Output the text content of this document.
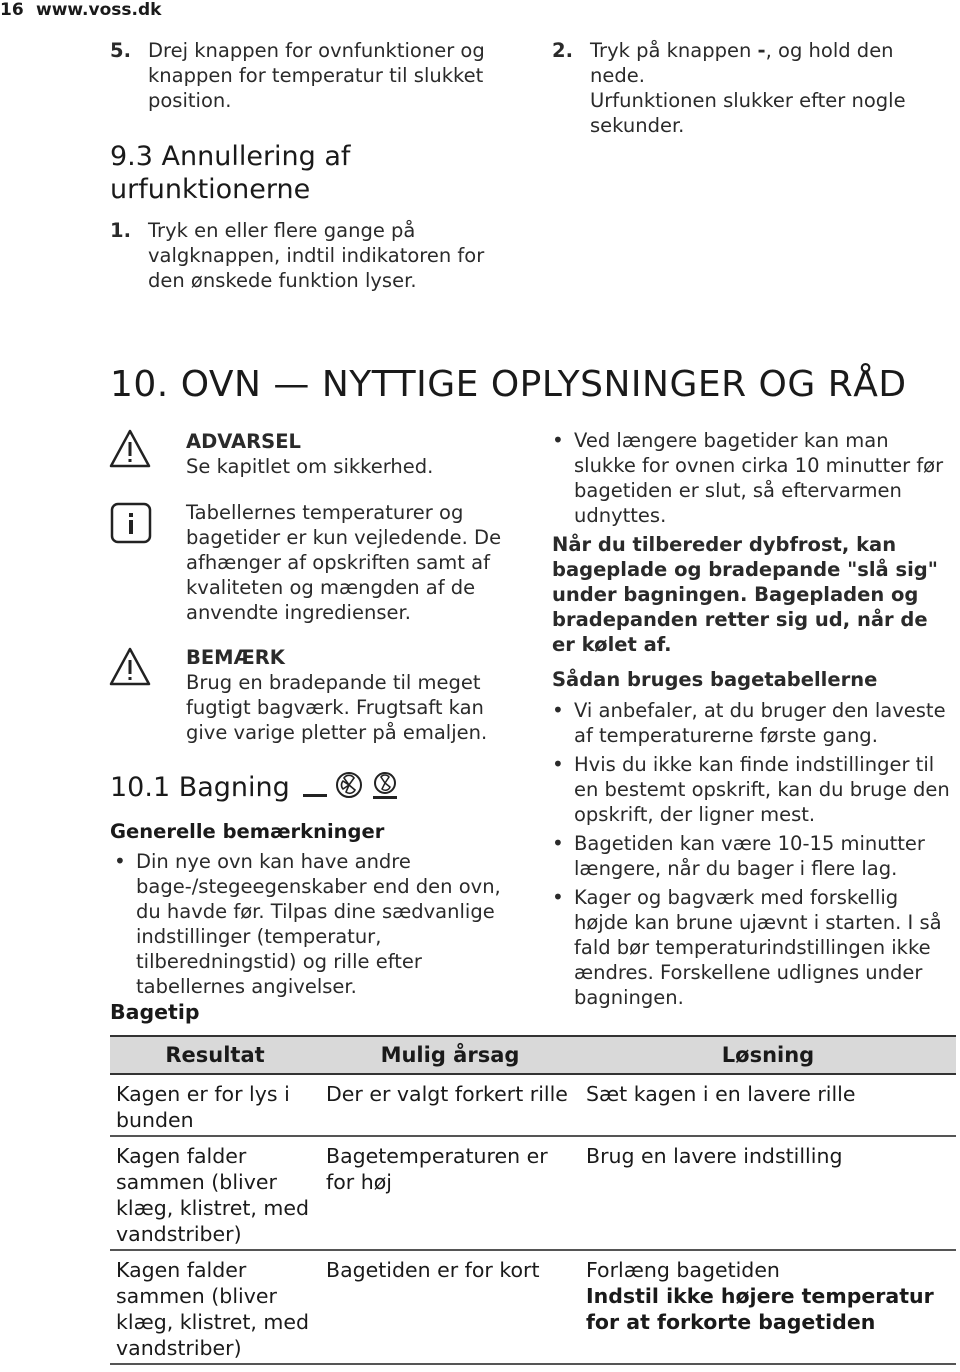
16 www.voss.dk
5. Drej knappen for ovnfunktioner og knappen for temperatur til slukket position.
9.3 Annullering af urfunktionerne
1. Tryk en eller flere gange på valgknappen, indtil indikatoren for den ønskede funktion lyser.
2. Tryk på knappen -, og hold den nede.
Urfunktionen slukker efter nogle sekunder.
10. OVN — NYTTIGE OPLYSNINGER OG RÅD
ADVARSEL
Se kapitlet om sikkerhed.
Tabellernes temperaturer og bagetider er kun vejledende. De afhænger af opskriften samt af kvaliteten og mængden af de anvendte ingredienser.
BEMÆRK
Brug en bradepande til meget fugtigt bagværk. Frugtsaft kan give varige pletter på emaljen.
10.1 Bagning
Generelle bemærkninger
• Din nye ovn kan have andre bage-/stegeegenskaber end den ovn, du havde før. Tilpas dine sædvanlige indstillinger (temperatur, tilberedningstid) og rille efter tabellernes angivelser.
• Ved længere bagetider kan man slukke for ovnen cirka 10 minutter før bagetiden er slut, så eftervarmen udnyttes.
Når du tilbereder dybfrost, kan bageplade og bradepande "slå sig" under bagningen. Bagepladen og bradepanden retter sig ud, når de er kølet af.
Sådan bruges bagetabellerne
• Vi anbefaler, at du bruger den laveste af temperaturerne første gang.
• Hvis du ikke kan finde indstillinger til en bestemt opskrift, kan du bruge den opskrift, der ligner mest.
• Bagetiden kan være 10-15 minutter længere, når du bager i flere lag.
• Kager og bagværk med forskellig højde kan brune ujævnt i starten. I så fald bør temperaturindstillingen ikke ændres. Forskellene udlignes under bagningen.
Bagetip
Resultat	Mulig årsag	Løsning
Kagen er for lys i bunden	Der er valgt forkert rille	Sæt kagen i en lavere rille
Kagen falder sammen (bliver klæg, klistret, med vandstriber)	Bagetemperaturen er for høj	Brug en lavere indstilling
Kagen falder sammen (bliver klæg, klistret, med vandstriber)	Bagetiden er for kort	Forlæng bagetiden
Indstil ikke højere temperatur for at forkorte bagetiden
